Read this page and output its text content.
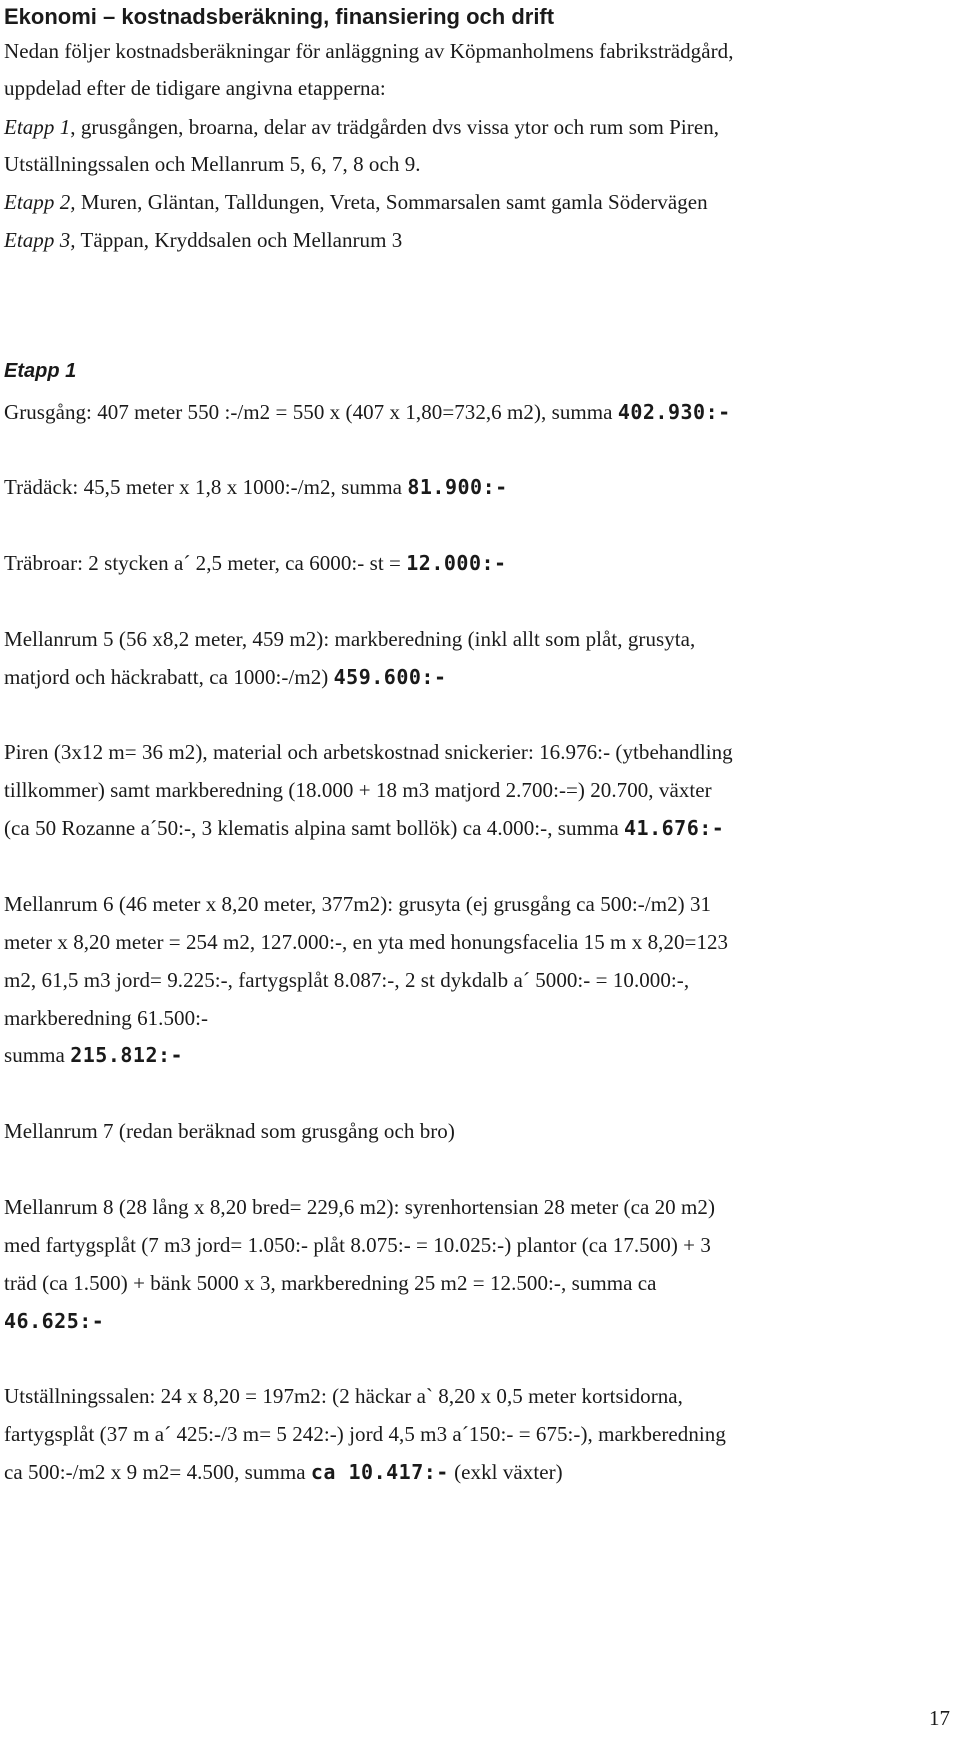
Ekonomi – kostnadsberäkning, finansiering och drift
Nedan följer kostnadsberäkningar för anläggning av Köpmanholmens fabriksträdgård,
uppdelad efter de tidigare angivna etapperna:
Etapp 1, grusgången, broarna, delar av trädgården dvs vissa ytor och rum som Piren,
Utställningssalen och Mellanrum 5, 6, 7, 8 och 9.
Etapp 2, Muren, Gläntan, Talldungen, Vreta, Sommarsalen samt gamla Södervägen
Etapp 3, Täppan, Kryddsalen och Mellanrum 3
Etapp 1
Grusgång: 407 meter 550 :-/m2 = 550 x (407 x 1,80=732,6 m2), summa 402.930:-
Trädäck: 45,5 meter x 1,8 x 1000:-/m2, summa 81.900:-
Träbroar: 2 stycken a´ 2,5 meter, ca 6000:- st = 12.000:-
Mellanrum 5 (56 x8,2 meter, 459 m2): markberedning (inkl allt som plåt, grusyta,
matjord och häckrabatt, ca 1000:-/m2) 459.600:-
Piren (3x12 m= 36 m2), material och arbetskostnad snickerier: 16.976:- (ytbehandling
tillkommer) samt markberedning (18.000 + 18 m3 matjord 2.700:-=) 20.700, växter
(ca 50 Rozanne a´50:-, 3 klematis alpina samt bollök) ca 4.000:-, summa 41.676:-
Mellanrum 6 (46 meter x 8,20 meter, 377m2): grusyta (ej grusgång ca 500:-/m2) 31
meter x 8,20 meter = 254 m2, 127.000:-, en yta med honungsfacelia 15 m x 8,20=123
m2, 61,5 m3 jord= 9.225:-, fartygsplåt 8.087:-, 2 st dykdalb a´ 5000:- = 10.000:-,
markberedning 61.500:-
summa 215.812:-
Mellanrum 7 (redan beräknad som grusgång och bro)
Mellanrum 8 (28 lång x 8,20 bred= 229,6 m2): syrenhortensian 28 meter (ca 20 m2)
med fartygsplåt (7 m3 jord= 1.050:- plåt 8.075:- = 10.025:-) plantor (ca 17.500) + 3
träd (ca 1.500) + bänk 5000 x 3, markberedning 25 m2 = 12.500:-, summa ca
46.625:-
Utställningssalen: 24 x 8,20 = 197m2: (2 häckar a` 8,20 x 0,5 meter kortsidorna,
fartygsplåt (37 m a´ 425:-/3 m= 5 242:-) jord 4,5 m3 a´150:- = 675:-), markberedning
ca 500:-/m2 x 9 m2= 4.500, summa ca 10.417:- (exkl växter)
17
